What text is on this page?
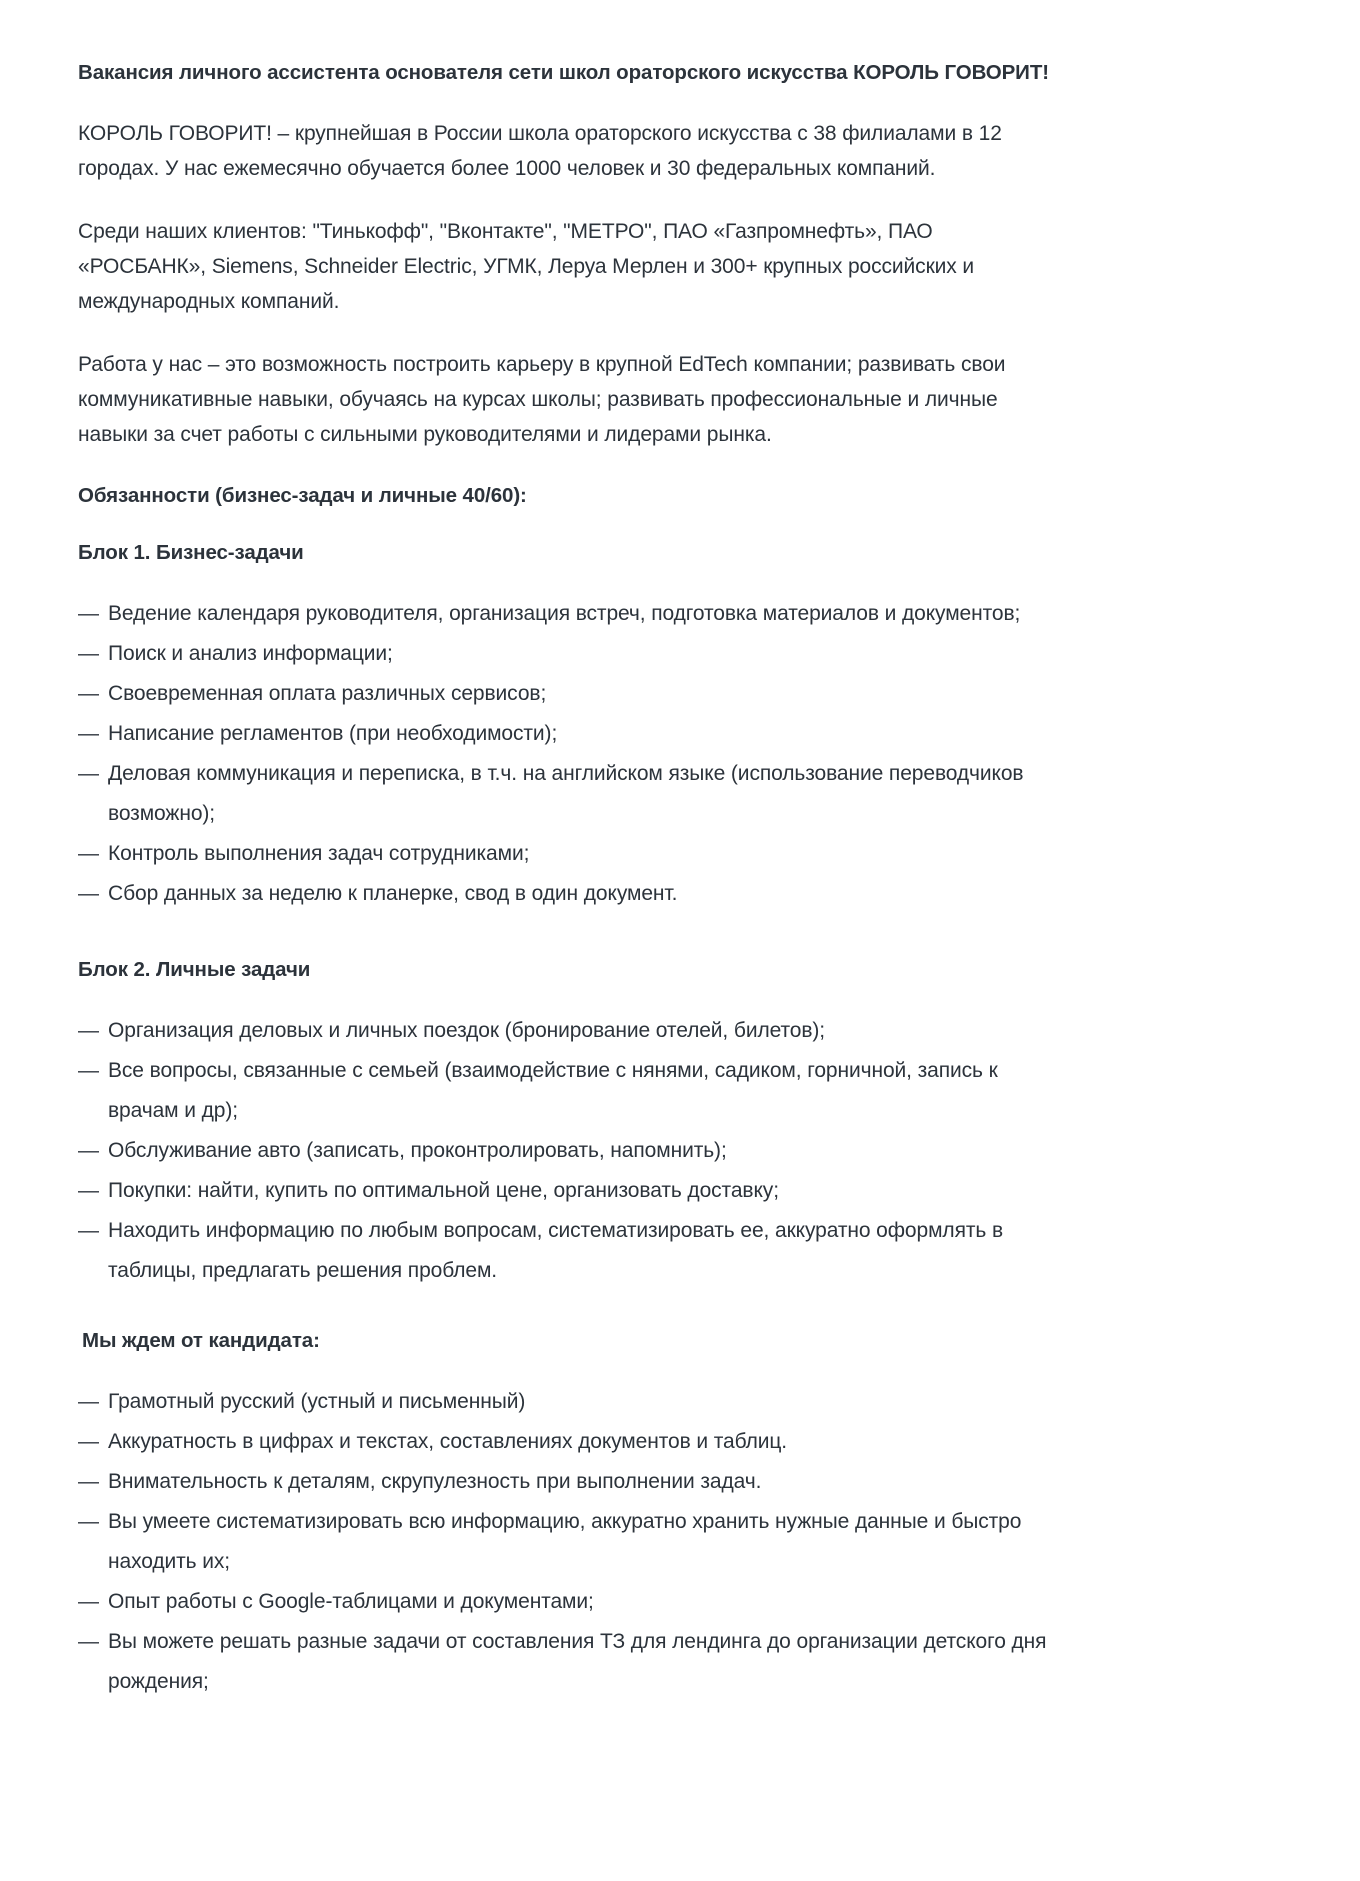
Вакансия личного ассистента основателя сети школ ораторского искусства КОРОЛЬ ГОВОРИТ!

КОРОЛЬ ГОВОРИТ! – крупнейшая в России школа ораторского искусства с 38 филиалами в 12 городах. У нас ежемесячно обучается более 1000 человек и 30 федеральных компаний.

Среди наших клиентов: "Тинькофф", "Вконтакте", "МЕТРО", ПАО «Газпромнефть», ПАО «РОСБАНК», Siemens, Schneider Electric, УГМК, Леруа Мерлен и 300+ крупных российских и международных компаний.

Работа у нас – это возможность построить карьеру в крупной EdTech компании; развивать свои коммуникативные навыки, обучаясь на курсах школы; развивать профессиональные и личные навыки за счет работы с сильными руководителями и лидерами рынка.

Обязанности (бизнес-задач и личные 40/60):
Блок 1. Бизнес-задачи
— Ведение календаря руководителя, организация встреч, подготовка материалов и документов;
— Поиск и анализ информации;
— Своевременная оплата различных сервисов;
— Написание регламентов (при необходимости);
— Деловая коммуникация и переписка, в т.ч. на английском языке (использование переводчиков возможно);
— Контроль выполнения задач сотрудниками;
— Сбор данных за неделю к планерке, свод в один документ.
Блок 2. Личные задачи
— Организация деловых и личных поездок (бронирование отелей, билетов);
— Все вопросы, связанные с семьей (взаимодействие с нянями, садиком, горничной, запись к врачам и др);
— Обслуживание авто (записать, проконтролировать, напомнить);
— Покупки: найти, купить по оптимальной цене, организовать доставку;
— Находить информацию по любым вопросам, систематизировать ее, аккуратно оформлять в таблицы, предлагать решения проблем.
Мы ждем от кандидата:
— Грамотный русский (устный и письменный)
— Аккуратность в цифрах и текстах, составлениях документов и таблиц.
— Внимательность к деталям, скрупулезность при выполнении задач.
— Вы умеете систематизировать всю информацию, аккуратно хранить нужные данные и быстро находить их;
— Опыт работы с Google-таблицами и документами;
— Вы можете решать разные задачи от составления ТЗ для лендинга до организации детского дня рождения;
